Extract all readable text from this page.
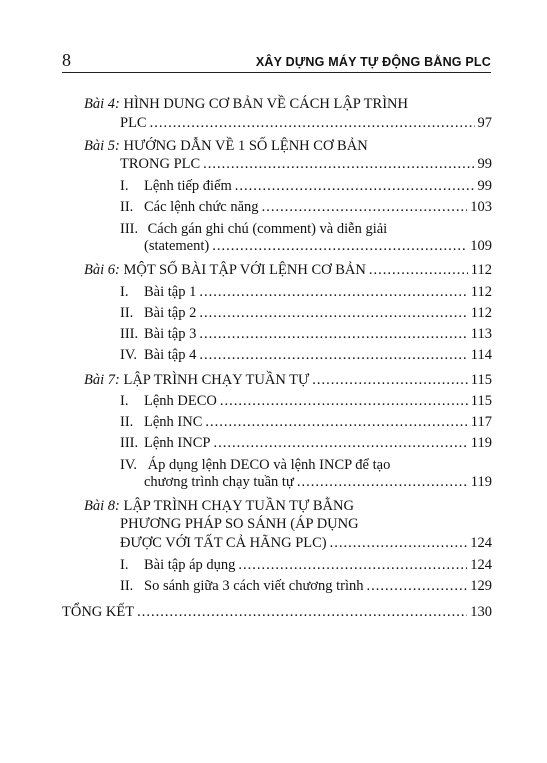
8	XÂY DỰNG MÁY TỰ ĐỘNG BẰNG PLC
Bài 4: HÌNH DUNG CƠ BẢN VỀ CÁCH LẬP TRÌNH
PLC .....	97
Bài 5: HƯỚNG DẪN VỀ 1 SỐ LỆNH CƠ BẢN
TRONG PLC .....	99
I.	Lệnh tiếp điểm .....	99
II. Các lệnh chức năng .....	103
III. Cách gán ghi chú (comment) và diễn giải
(statement) .....	109
Bài 6:
MỘT SỐ BÀI TẬP VỚI LỆNH CƠ BẢN .....	112
I.	Bài tập 1 .....	112
II. Bài tập 2 .....	112
III. Bài tập 3 .....	113
IV. Bài tập 4 .....	114
Bài 7:
LẬP TRÌNH CHẠY TUẦN TỰ .....	115
I.	Lệnh DECO .....	115
II. Lệnh INC .....	117
III. Lệnh INCP .....	119
IV. Áp dụng lệnh DECO và lệnh INCP để tạo
chương trình chạy tuần tự .....	119
Bài 8: LẬP TRÌNH CHẠY TUẦN TỰ BẰNG
PHƯƠNG PHÁP SO SÁNH (ÁP DỤNG
ĐƯỢC VỚI TẤT CẢ HÃNG PLC) .....	124
I.	Bài tập áp dụng .....	124
II. So sánh giữa 3 cách viết chương trình .....	129
TỔNG KẾT .....	130
